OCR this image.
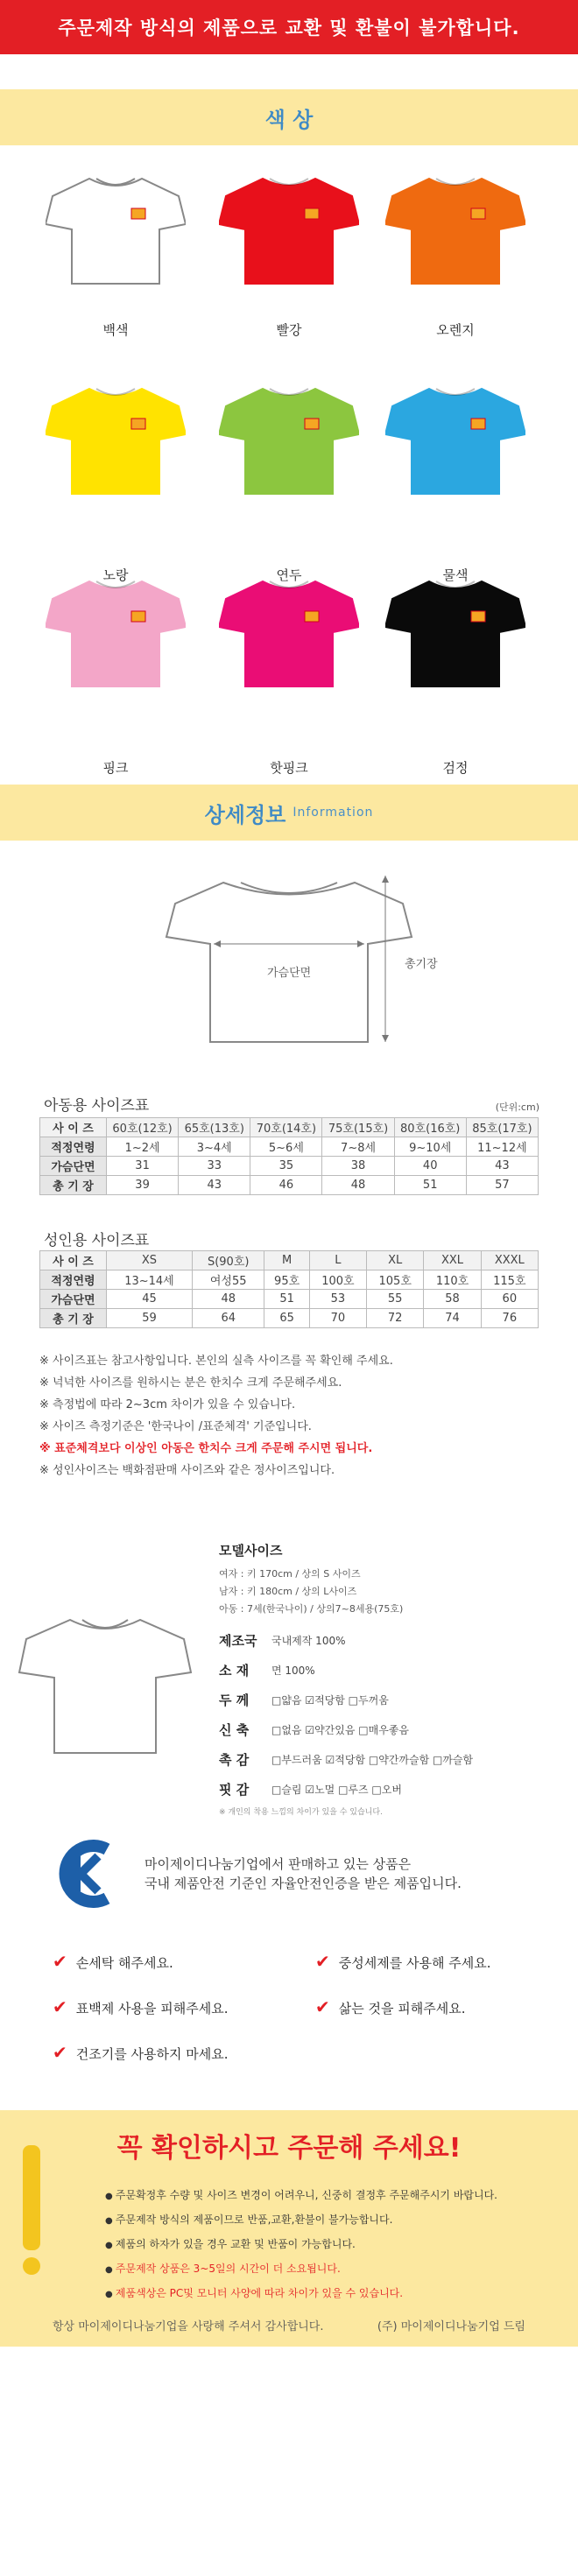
주문제작 방식의 제품으로 교환 및 환불이 불가합니다.
색 상
백색	빨강	오렌지
노랑	연두	물색
핑크	핫핑크	검정
상세정보 Information
가슴단면
총기장
아동용 사이즈표	(단위:cm)
사 이 즈	60호(12호)	65호(13호)	70호(14호)	75호(15호)	80호(16호)	85호(17호)
적정연령	1~2세	3~4세	5~6세	7~8세	9~10세	11~12세
가슴단면	31	33	35	38	40	43
총 기 장	39	43	46	48	51	57
성인용 사이즈표
사 이 즈	XS	S(90호)	M	L	XL	XXL	XXXL
적정연령	13~14세	여성55	95호	100호	105호	110호	115호
가슴단면	45	48	51	53	55	58	60
총 기 장	59	64	65	70	72	74	76
※ 사이즈표는 참고사항입니다. 본인의 실측 사이즈를 꼭 확인해 주세요.
※ 넉넉한 사이즈를 원하시는 분은 한치수 크게 주문해주세요.
※ 측정법에 따라 2~3cm 차이가 있을 수 있습니다.
※ 사이즈 측정기준은 '한국나이 /표준체격' 기준입니다.
※ 표준체격보다 이상인 아동은 한치수 크게 주문해 주시면 됩니다.
※ 성인사이즈는 백화점판매 사이즈와 같은 정사이즈입니다.
모델사이즈
여자 : 키 170cm / 상의 S 사이즈
남자 : 키 180cm / 상의 L사이즈
아동 : 7세(한국나이) / 상의7~8세용(75호)
제조국	국내제작 100%
소 재	면 100%
두 께	□얇음 ☑적당함 □두꺼움
신 축	□없음 ☑약간있음 □매우좋음
촉 감	□부드러움 ☑적당함 □약간까슬함 □까슬함
핏 감	□슬림 ☑노멀 □루즈 □오버
※ 개인의 착용 느낌의 차이가 있을 수 있습니다.
마이제이디나눔기업에서 판매하고 있는 상품은
국내 제품안전 기준인 자율안전인증을 받은 제품입니다.
✔ 손세탁 해주세요.	✔ 중성세제를 사용해 주세요.
✔ 표백제 사용을 피해주세요.	✔ 삶는 것을 피해주세요.
✔ 건조기를 사용하지 마세요.
꼭 확인하시고 주문해 주세요!
● 주문확정후 수량 및 사이즈 변경이 어려우니, 신중히 결정후 주문해주시기 바랍니다.
● 주문제작 방식의 제품이므로 반품,교환,환불이 불가능합니다.
● 제품의 하자가 있을 경우 교환 및 반품이 가능합니다.
● 주문제작 상품은 3~5일의 시간이 더 소요됩니다.
● 제품색상은 PC및 모니터 사양에 따라 차이가 있을 수 있습니다.
항상 마이제이디나눔기업을 사랑해 주셔서 감사합니다.	(주) 마이제이디나눔기업 드림
